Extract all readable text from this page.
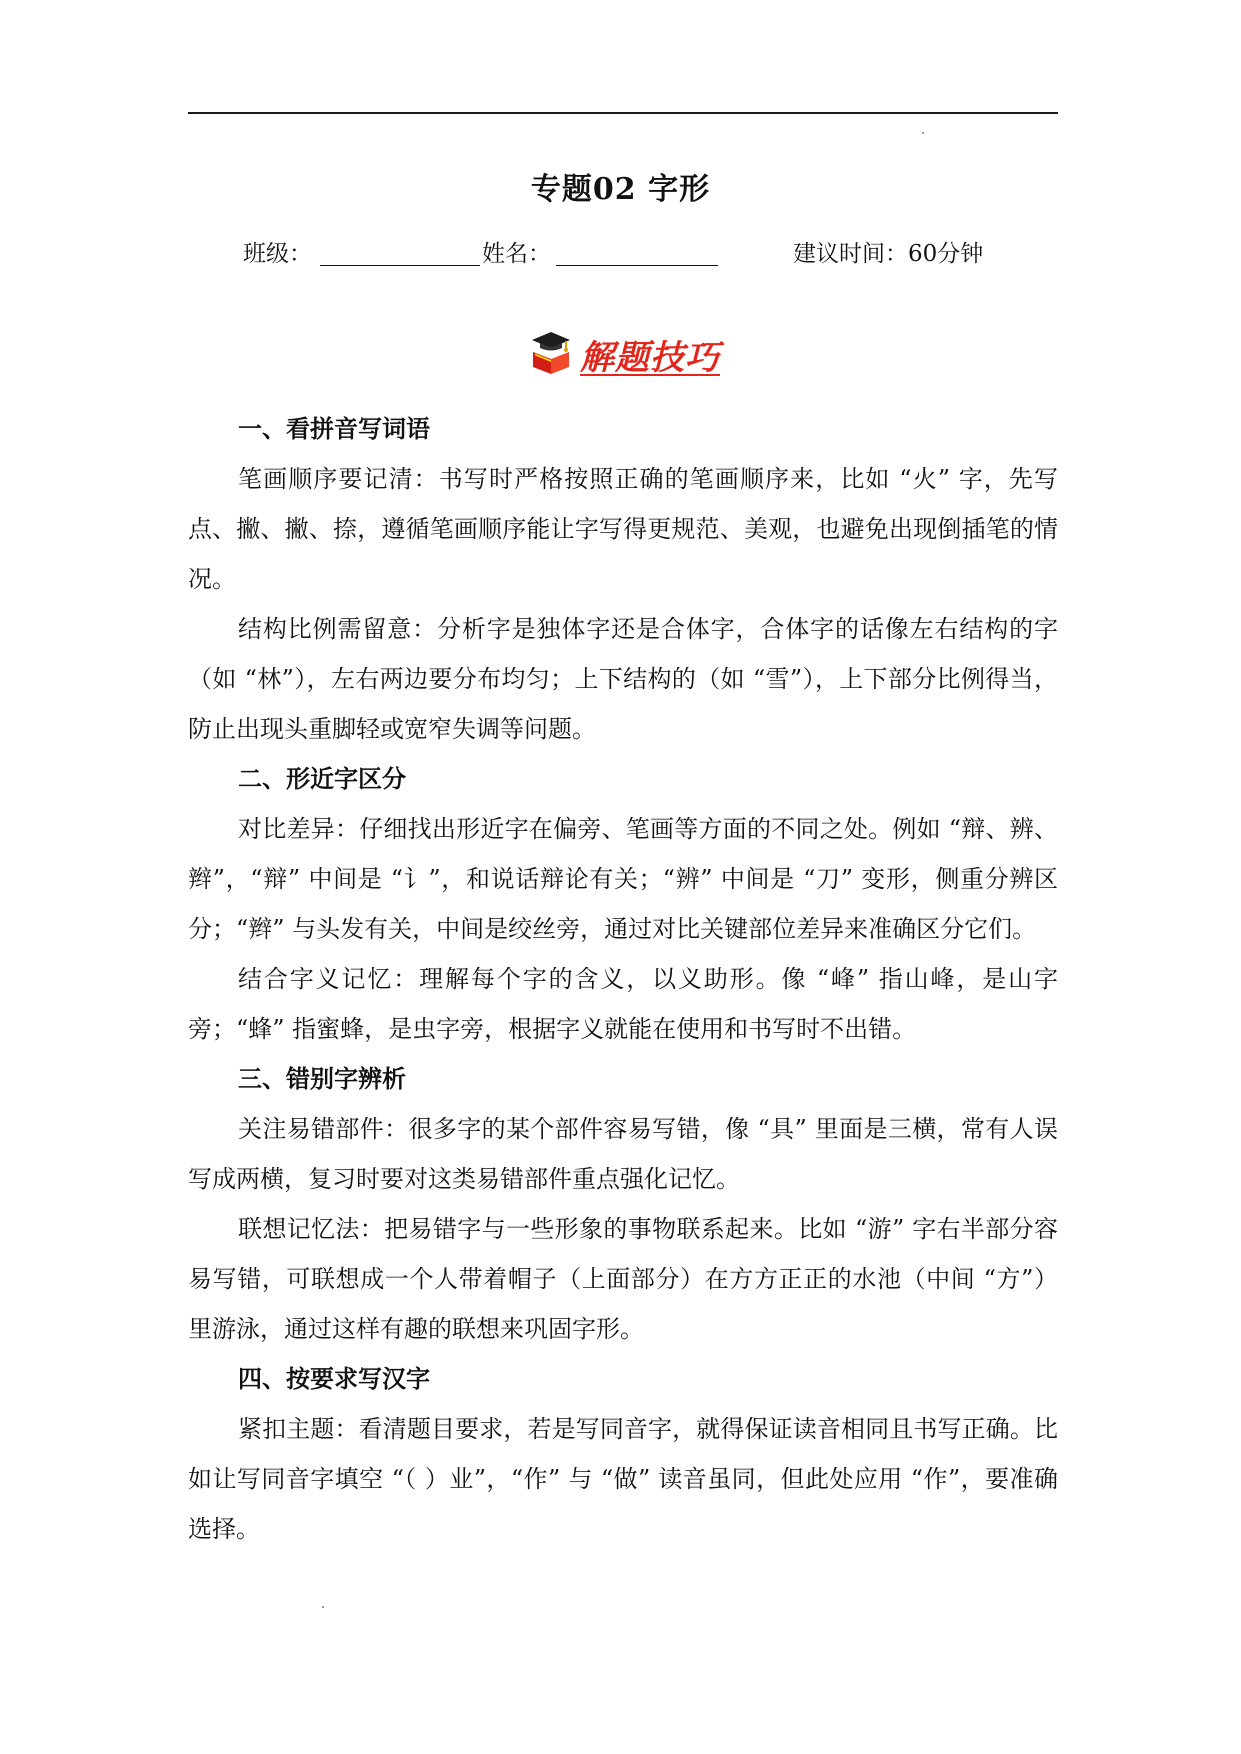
专题02 字形
班级：	姓名：	建议时间：60分钟
解题技巧
一、看拼音写词语

笔画顺序要记清：书写时严格按照正确的笔画顺序来，比如 “火” 字，先写点、撇、撇、捺，遵循笔画顺序能让字写得更规范、美观，也避免出现倒插笔的情况。

结构比例需留意：分析字是独体字还是合体字，合体字的话像左右结构的字（如 “林”），左右两边要分布均匀；上下结构的（如 “雪”），上下部分比例得当，防止出现头重脚轻或宽窄失调等问题。

二、形近字区分

对比差异：仔细找出形近字在偏旁、笔画等方面的不同之处。例如 “辩、辨、辫”，“辩” 中间是 “讠”，和说话辩论有关；“辨” 中间是 “刀” 变形，侧重分辨区分；“辫” 与头发有关，中间是绞丝旁，通过对比关键部位差异来准确区分它们。

结合字义记忆：理解每个字的含义，以义助形。像 “峰” 指山峰，是山字旁；“蜂” 指蜜蜂，是虫字旁，根据字义就能在使用和书写时不出错。

三、错别字辨析

关注易错部件：很多字的某个部件容易写错，像 “具” 里面是三横，常有人误写成两横，复习时要对这类易错部件重点强化记忆。

联想记忆法：把易错字与一些形象的事物联系起来。比如 “游” 字右半部分容易写错，可联想成一个人带着帽子（上面部分）在方方正正的水池（中间 “方”）里游泳，通过这样有趣的联想来巩固字形。

四、按要求写汉字

紧扣主题：看清题目要求，若是写同音字，就得保证读音相同且书写正确。比如让写同音字填空 “（ ）业”，“作” 与 “做” 读音虽同，但此处应用 “作”，要准确选择。
